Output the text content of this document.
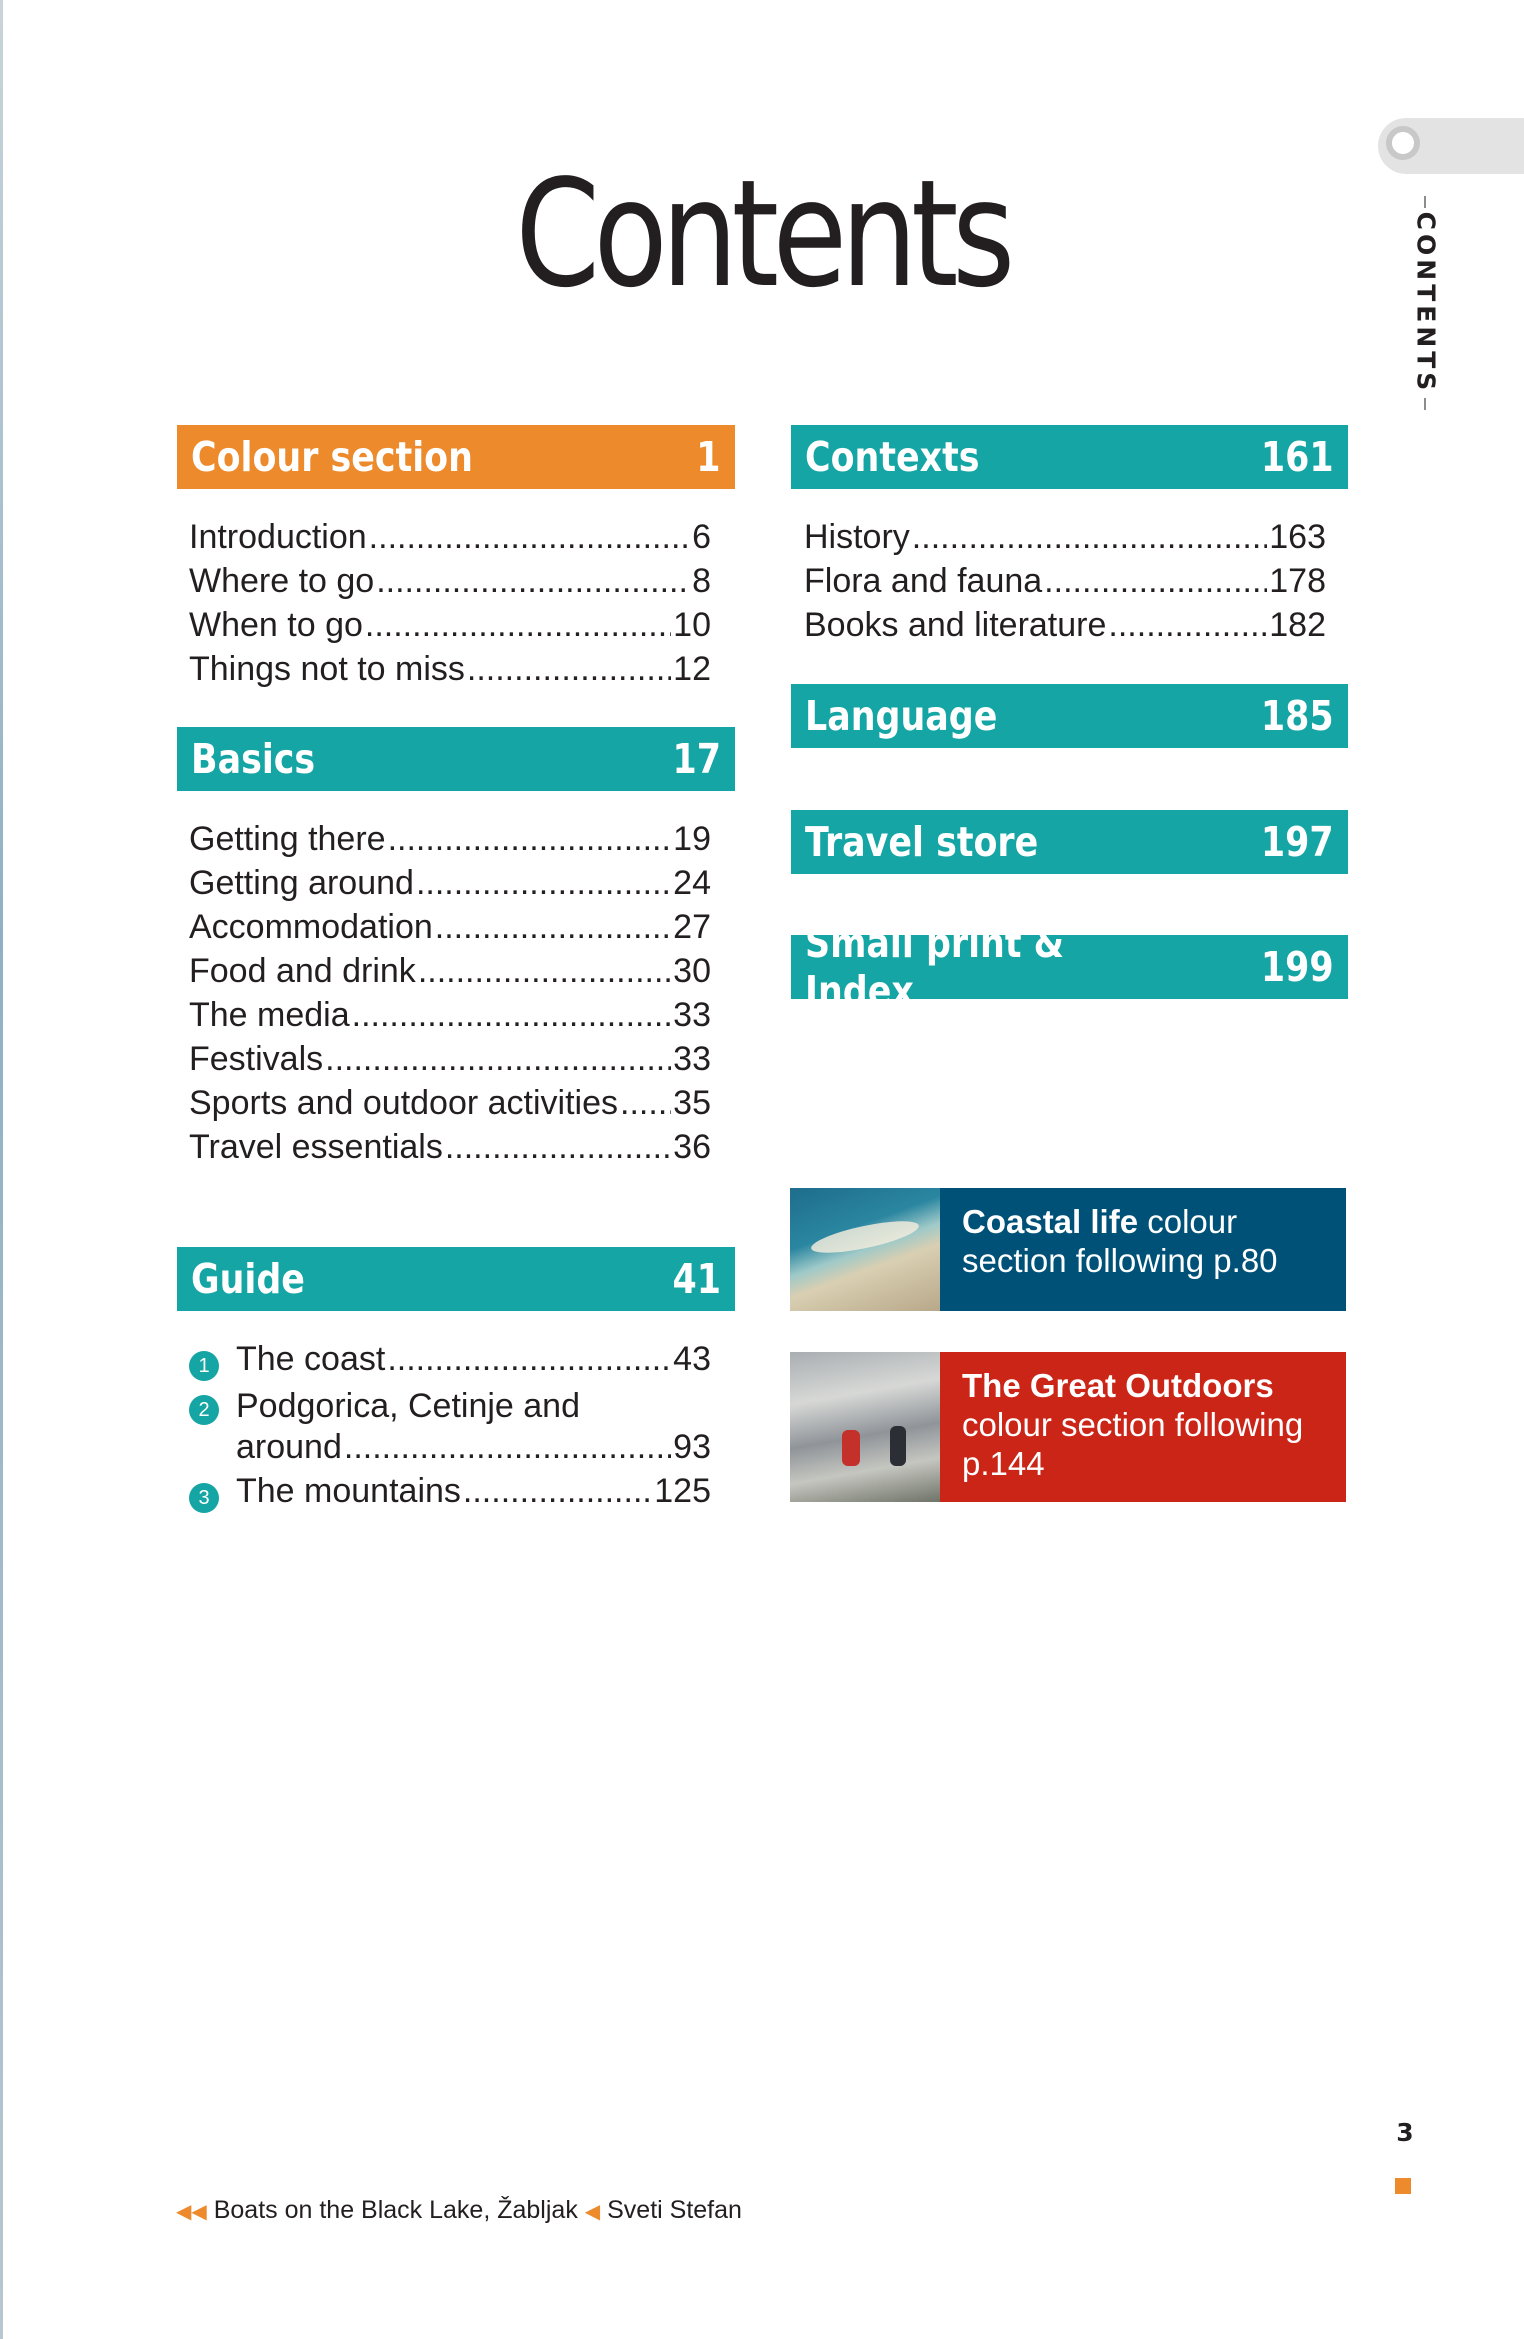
CONTENTS
Contents
Colour section	1
Introduction .....	6
Where to go .....	8
When to go .....	10
Things not to miss .....	12
Basics	17
Getting there .....	19
Getting around .....	24
Accommodation .....	27
Food and drink .....	30
The media .....	33
Festivals .....	33
Sports and outdoor activities ..... 35
Travel essentials .....	36
Guide	41
1 The coast .....	43
2 Podgorica, Cetinje and
around .....	93
3 The mountains .....	125
Contexts	161
History .....	163
Flora and fauna .....	178
Books and literature .....	182
Language	185
Travel store	197
Small print & Index	199
Coastal life colour
section following p.80
The Great Outdoors
colour section following
p.144
3
◀◀ Boats on the Black Lake, Žabljak ◀ Sveti Stefan
